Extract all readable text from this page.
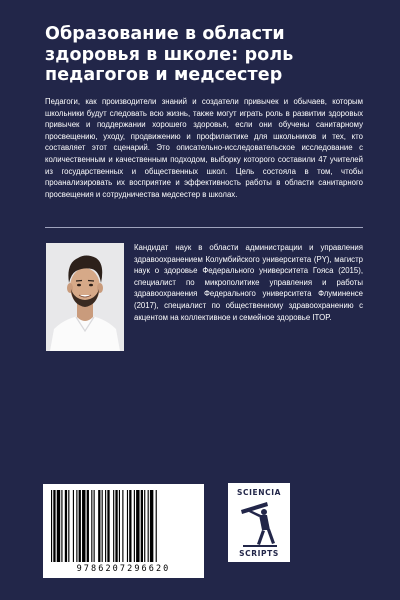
Образование в области здоровья в школе: роль педагогов и медсестер

Педагоги, как производители знаний и создатели привычек и обычаев, которым школьники будут следовать всю жизнь, также могут играть роль в развитии здоровых привычек и поддержании хорошего здоровья, если они обучены санитарному просвещению, уходу, продвижению и профилактике для школьников и тех, кто составляет этот сценарий. Это описательно-исследовательское исследование с количественным и качественным подходом, выборку которого составили 47 учителей из государственных и общественных школ. Цель состояла в том, чтобы проанализировать их восприятие и эффективность работы в области санитарного просвещения и сотрудничества медсестер в школах.

Кандидат наук в области администрации и управления здравоохранением Колумбийского университета (PY), магистр наук о здоровье Федерального университета Гояса (2015), специалист по микрополитике управления и работы здравоохранения Федерального университета Флуминенсе (2017), специалист по общественному здравоохранению с акцентом на коллективное и семейное здоровье ITOP.

9786207296620
SCIENCIA
SCRIPTS
